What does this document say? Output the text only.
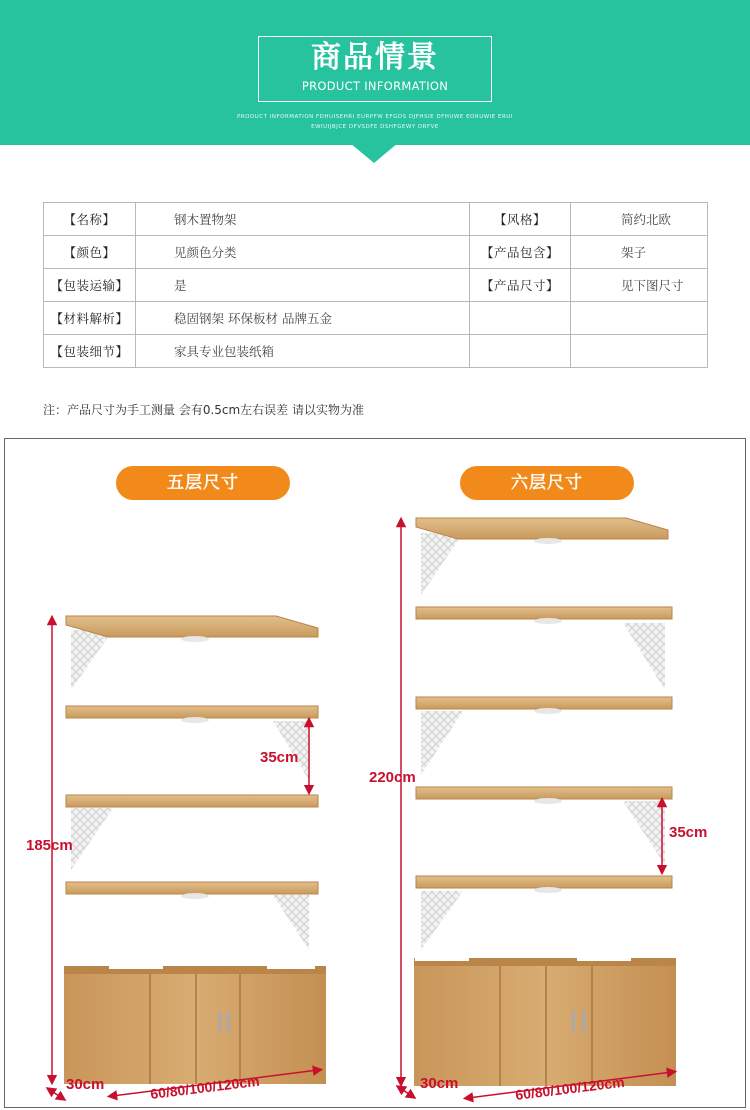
商品情景
PRODUCT INFORMATION
PRODUCT INFORMATION FDHUISEHRI EURPFW EFGDS DJFHSIE DFHUWE EORUWIE ERUI
EWIUIJBJCE DFVSDFE DSHFGEWY DRFVE
【名称】	钢木置物架	【风格】	简约北欧
【颜色】	见颜色分类	【产品包含】	架子
【包装运输】	是	【产品尺寸】	见下图尺寸
【材料解析】	稳固钢架 环保板材 品牌五金		
【包装细节】	家具专业包装纸箱		
注：产品尺寸为手工测量 会有0.5cm左右误差 请以实物为准
五层尺寸	六层尺寸
185cm
35cm
30cm	60/80/100/120cm
220cm
35cm
30cm	60/80/100/120cm
